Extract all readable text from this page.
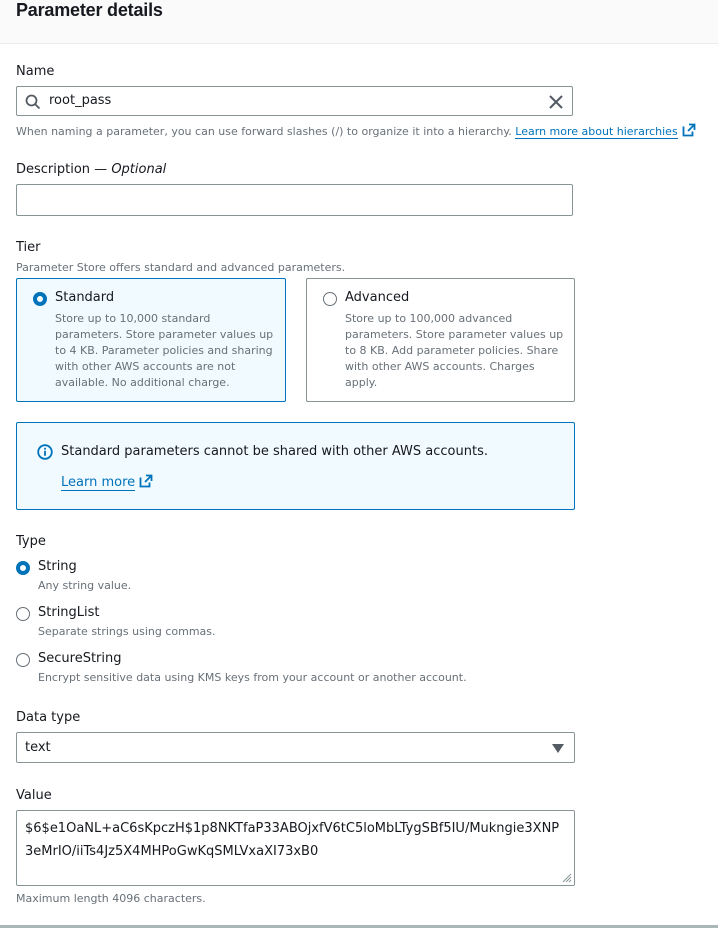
Parameter details
Name
root_pass
When naming a parameter, you can use forward slashes (/) to organize it into a hierarchy. Learn more about hierarchies
Description — Optional
Tier
Parameter Store offers standard and advanced parameters.
Standard
Store up to 10,000 standard parameters. Store parameter values up to 4 KB. Parameter policies and sharing with other AWS accounts are not available. No additional charge.
Advanced
Store up to 100,000 advanced parameters. Store parameter values up to 8 KB. Add parameter policies. Share with other AWS accounts. Charges apply.
Standard parameters cannot be shared with other AWS accounts.
Learn more
Type
String
Any string value.
StringList
Separate strings using commas.
SecureString
Encrypt sensitive data using KMS keys from your account or another account.
Data type
text
Value
$6$e1OaNL+aC6sKpczH$1p8NKTfaP33ABOjxfV6tC5loMbLTygSBf5IU/Mukngie3XNP3eMrIO/iiTs4Jz5X4MHPoGwKqSMLVxaXI73xB0
Maximum length 4096 characters.
